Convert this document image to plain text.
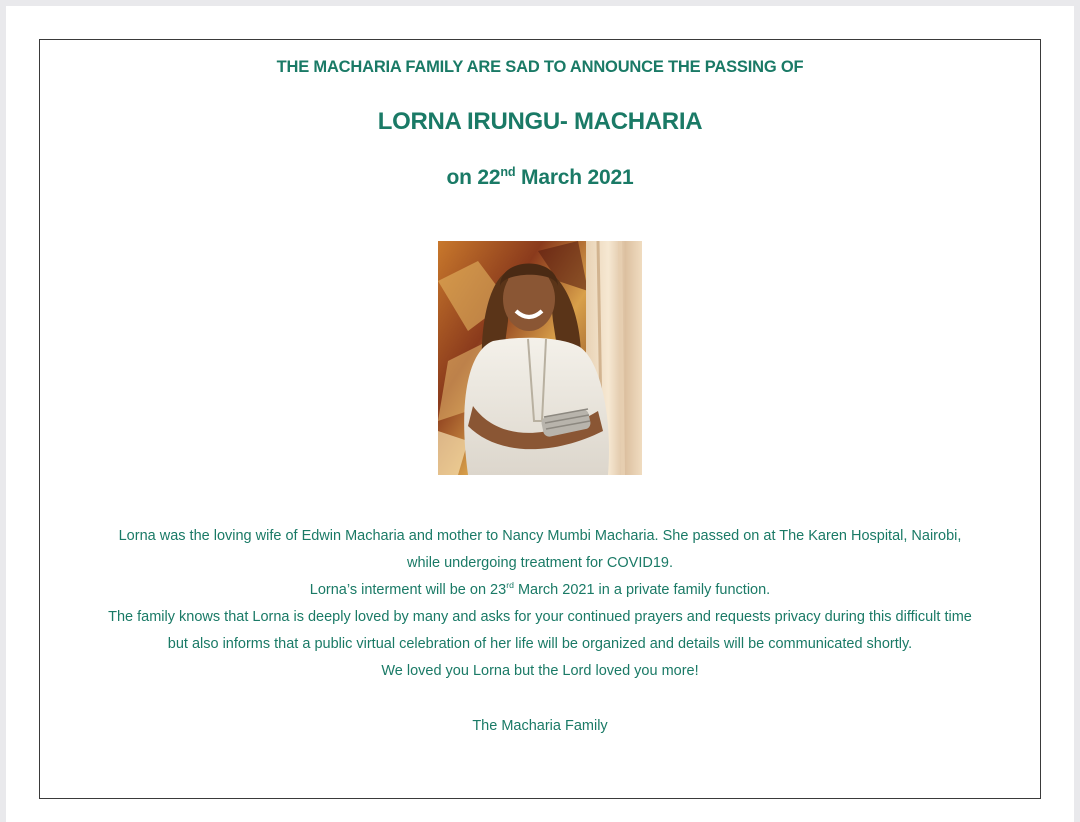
THE MACHARIA FAMILY ARE SAD TO ANNOUNCE THE PASSING OF
LORNA IRUNGU- MACHARIA
on 22nd March 2021

Lorna was the loving wife of Edwin Macharia and mother to Nancy Mumbi Macharia. She passed on at The Karen Hospital, Nairobi,

while undergoing treatment for COVID19.

Lorna’s interment will be on 23rd March 2021 in a private family function.

The family knows that Lorna is deeply loved by many and asks for your continued prayers and requests privacy during this difficult time

but also informs that a public virtual celebration of her life will be organized and details will be communicated shortly.

We loved you Lorna but the Lord loved you more!

The Macharia Family
